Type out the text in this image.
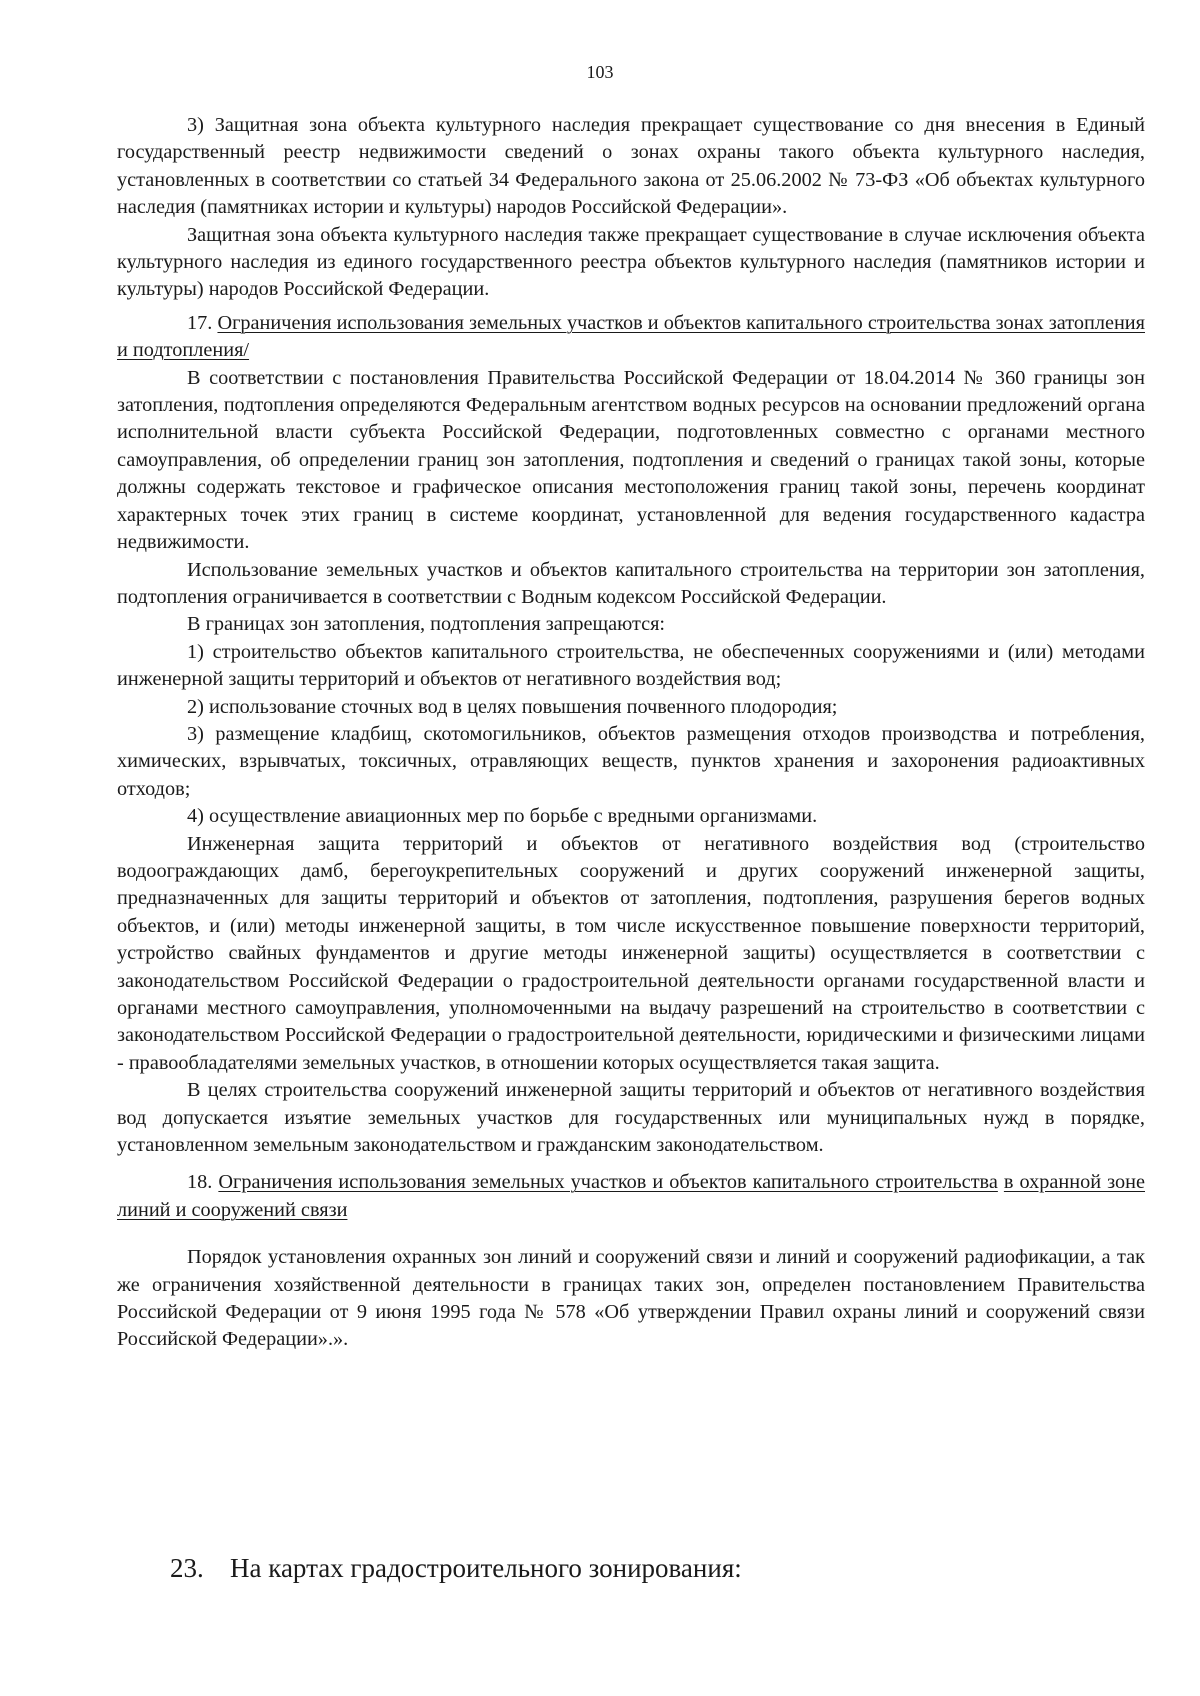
103

3) Защитная зона объекта культурного наследия прекращает существование со дня внесения в Единый государственный реестр недвижимости сведений о зонах охраны такого объекта культурного наследия, установленных в соответствии со статьей 34 Федерального закона от 25.06.2002 № 73-ФЗ «Об объектах культурного наследия (памятниках истории и культуры) народов Российской Федерации».

Защитная зона объекта культурного наследия также прекращает существование в случае исключения объекта культурного наследия из единого государственного реестра объектов культурного наследия (памятников истории и культуры) народов Российской Федерации.

17. Ограничения использования земельных участков и объектов капитального строительства зонах затопления и подтопления/

В соответствии с постановления Правительства Российской Федерации от 18.04.2014 № 360 границы зон затопления, подтопления определяются Федеральным агентством водных ресурсов на основании предложений органа исполнительной власти субъекта Российской Федерации, подготовленных совместно с органами местного самоуправления, об определении границ зон затопления, подтопления и сведений о границах такой зоны, которые должны содержать текстовое и графическое описания местоположения границ такой зоны, перечень координат характерных точек этих границ в системе координат, установленной для ведения государственного кадастра недвижимости.

Использование земельных участков и объектов капитального строительства на территории зон затопления, подтопления ограничивается в соответствии с Водным кодексом Российской Федерации.

В границах зон затопления, подтопления запрещаются:

1) строительство объектов капитального строительства, не обеспеченных сооружениями и (или) методами инженерной защиты территорий и объектов от негативного воздействия вод;

2) использование сточных вод в целях повышения почвенного плодородия;

3) размещение кладбищ, скотомогильников, объектов размещения отходов производства и потребления, химических, взрывчатых, токсичных, отравляющих веществ, пунктов хранения и захоронения радиоактивных отходов;

4) осуществление авиационных мер по борьбе с вредными организмами.

Инженерная защита территорий и объектов от негативного воздействия вод (строительство водоограждающих дамб, берегоукрепительных сооружений и других сооружений инженерной защиты, предназначенных для защиты территорий и объектов от затопления, подтопления, разрушения берегов водных объектов, и (или) методы инженерной защиты, в том числе искусственное повышение поверхности территорий, устройство свайных фундаментов и другие методы инженерной защиты) осуществляется в соответствии с законодательством Российской Федерации о градостроительной деятельности органами государственной власти и органами местного самоуправления, уполномоченными на выдачу разрешений на строительство в соответствии с законодательством Российской Федерации о градостроительной деятельности, юридическими и физическими лицами - правообладателями земельных участков, в отношении которых осуществляется такая защита.

В целях строительства сооружений инженерной защиты территорий и объектов от негативного воздействия вод допускается изъятие земельных участков для государственных или муниципальных нужд в порядке, установленном земельным законодательством и гражданским законодательством.

18. Ограничения использования земельных участков и объектов капитального строительства в охранной зоне линий и сооружений связи

Порядок установления охранных зон линий и сооружений связи и линий и сооружений радиофикации, а так же ограничения хозяйственной деятельности в границах таких зон, определен постановлением Правительства Российской Федерации от 9 июня 1995 года № 578 «Об утверждении Правил охраны линий и сооружений связи Российской Федерации».».

23. На картах градостроительного зонирования:
